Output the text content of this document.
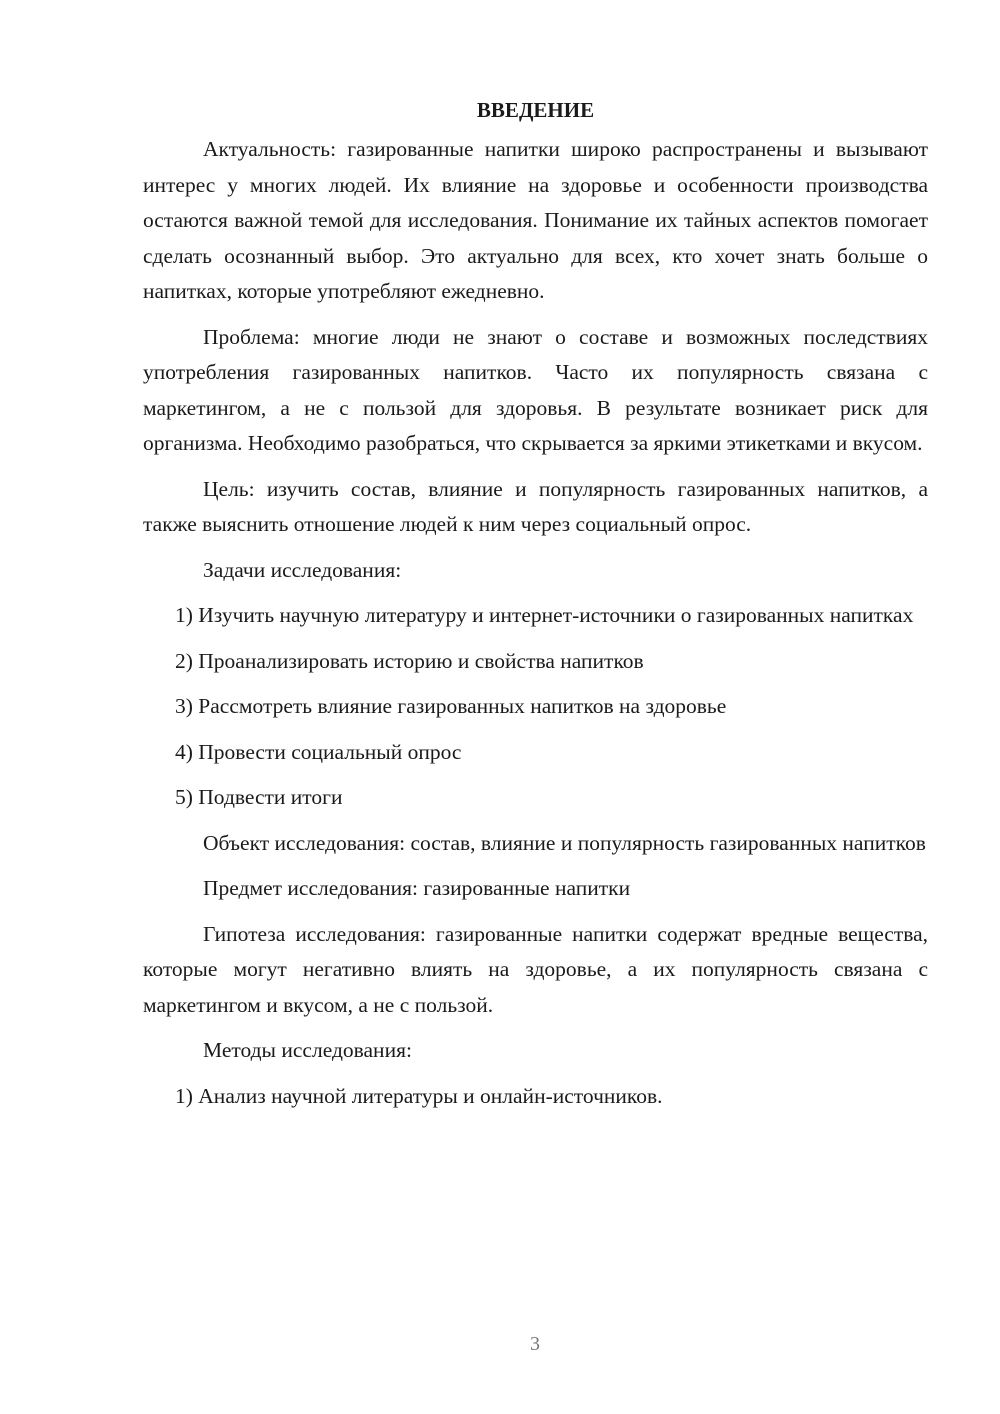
ВВЕДЕНИЕ

Актуальность: газированные напитки широко распространены и вызывают интерес у многих людей. Их влияние на здоровье и особенности производства остаются важной темой для исследования. Понимание их тайных аспектов помогает сделать осознанный выбор. Это актуально для всех, кто хочет знать больше о напитках, которые употребляют ежедневно.

Проблема: многие люди не знают о составе и возможных последствиях употребления газированных напитков. Часто их популярность связана с маркетингом, а не с пользой для здоровья. В результате возникает риск для организма. Необходимо разобраться, что скрывается за яркими этикетками и вкусом.

Цель: изучить состав, влияние и популярность газированных напитков, а также выяснить отношение людей к ним через социальный опрос.

Задачи исследования:

1) Изучить научную литературу и интернет-источники о газированных напитках

2) Проанализировать историю и свойства напитков

3) Рассмотреть влияние газированных напитков на здоровье

4) Провести социальный опрос

5) Подвести итоги

Объект исследования: состав, влияние и популярность газированных напитков

Предмет исследования: газированные напитки

Гипотеза исследования: газированные напитки содержат вредные вещества, которые могут негативно влиять на здоровье, а их популярность связана с маркетингом и вкусом, а не с пользой.

Методы исследования:

1) Анализ научной литературы и онлайн-источников.

3
